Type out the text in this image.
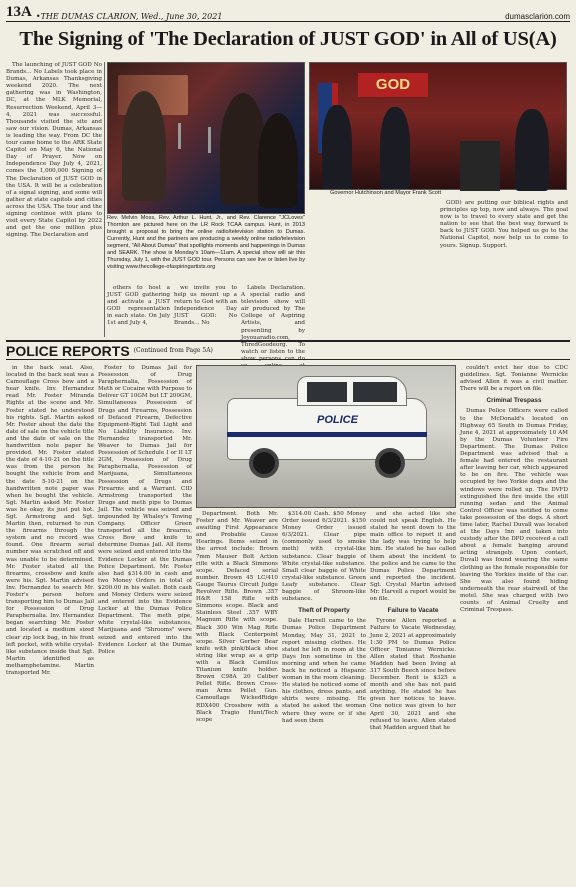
13A •THE DUMAS CLARION, Wed., June 30, 2021	dumasclarion.com
The Signing of 'The Declaration of JUST GOD' in All of US(A)

The launching of JUST GOD No Brands... No Labels took place in Dumas, Arkansas Thanksgiving weekend 2020. The next gathering was in Washington, DC, at the MLK Memorial, Resurrection Weekend, April 3—4, 2021 was successful. Thousands visited the site and saw our vision. Dumas, Arkansas is leading the way. From DC the tour came home to the ARK State Capitol on May 6, the National Day of Prayer. Now on Independence Day July 4, 2021, comes the 1,000,000 Signing of The Declaration of JUST GOD in the USA. It will be a celebration of a signal signing, and some will gather at state capitols and cities across the USA. The tour and the signing continue with plans to visit every State Capitol by 2022 and get the one million plus signing. The Declaration and

GOD
Governor Hutchinson and Mayor Frank Scott
Rev. Melvin Moss, Rev. Arthur L. Hunt, Jr., and Rev. Clarence "JCLoves" Thornton are pictured here on the LR Rock TCAA campus. Hunt, in 2013 brought a proposal to bring the online radio/television station to Dumas. Currently, Hunt and the partners are producing a weekly online radio/television segment, "All About Dumas" that spotlights moments and happenings in Dumas and SEARK. The show is Monday's 10am—11am. A special show will air this Thursday, July 1, with the JUST GOD tour. Persons can see live or listen live by visiting www.thecollege-ofaspiringartists.org

others to host a JUST GOD gathering and activate a JUST GOD representation in each state. On July 1st and July 4,

we invite you to help us mount up a return to God with an Independence Day JUST GOD: No Brands... No

Labels Declaration. A special radio and television show will air produced by The College of Aspiring Artists, and presenting by Joyouaradio.com, ThredGoodeorg. To watch or listen to the show persons can do

GOD) are putting our biblical rights and principles up top, now and always. The goal now is to travel to every state and get the nation to see that the best way forward is back to JUST GOD. You helped us go to the National Capitol, now help us to come to yours. Signup. Support.

POLICE REPORTS (Continued from Page 5A)

in the back seat. Also, located in the back seat was a Camouflage Cross bow and a hear knife. Inv. Hernandez read Mr. Foster Miranda Rights at the scene and Mr. Foster stated he understood his rights. Sgt. Martin asked Mr. Foster about the date the date of sale on the vehicle title and the date of sale on the handwritten note paper he provided. Mr. Foster stated the date of 4-10-21 on the title was from the person he bought the vehicle from and the date 5-10-21 on the handwritten note paper was when he bought the vehicle. Sgt. Martin asked Mr. Foster was he okay, its just put hot. Sgt. Armstrong and Sgt. Martin then, returned to run the firearms through the system and no record was found. One firearm serial number was scratched off and was unable to be determined. Mr. Foster stated all the firearms, crossbow and knife were his. Sgt. Martin advised Inv. Hernandez to search Mr. Foster's person before transporting him to Dumas Jail for Possession of Drug Paraphernalia. Inv. Hernandez began searching Mr. Foster and located a medium sized clear zip lock bag, in his front left pocket, with white crystal-like substance inside that Sgt. Martin identified as methamphetamine. Martin transported Mr.

Foster to Dumas Jail for Possession of Drug Paraphernalia, Possession of Meth or Cocaine with Purpose to Deliver GT 10GM but LT 200GM, Simultaneous Possession of Drugs and Firearms, Possession of Defaced Firearm, Defective Equipment-Right Tail Light and No Liability Insurance. Inv. Hernandez transported Mr. Weaver to Dumas Jail for Possession of Schedule I or II LT 2GM, Possession of Drug Paraphernalia, Possession of Marijuana, Simultaneous Possession of Drugs and Firearms and a Warrant. CID Armstrong transported the Drugs and meth pipe to Dumas Jail. The vehicle was seized and impounded by Whaley's Towing Company. Officer Green transported all the firearms, Cross Bow and knife to determine Dumas Jail. All items were seized and entered into the Evidence Locker at the Dumas Police Department. Mr. Foster also had $314.00 in cash and two Money Orders in total of $200.00 in his wallet. Both cash and Money Orders were seized and entered into the Evidence Locker at the Dumas Police Department. The meth pipe, white crystal-like substances, Marijuana and "Shrooms" were seized and entered into the Evidence Locker at the Dumas Police

POLICE

Department. Both Mr. Foster and Mr. Weaver are awaiting First Appearance and Probable Cause Hearings. Items seized in the arrest include: Brown 7mm Mauser Bolt Action rifle with a Black Simmons scope. Defaced serial number. Brown 45 LC/410 Gauge Taurus Circuit Judge Revolver Rifle. Brown .357 H&R 158 Rifle with Simmons scope. Black and Stainless Steel .357 WBY Magnum Rifle with scope. Black 300 Win Mag Rifle with Black Centerpoint scope. Silver Gerber Bear knife with pink/black shoe string like wrap as a grip with a Black Camillus Titanium knife holder. Brown C98A 20 Caliber Pellet Rifle. Brown Cross-man Arms Pellet Gun. Camouflage WickedRidge RDX400 Crossbow with a Black Tragio Hunt/Tech scope

$314.00 Cash. $50 Money Order issued 6/3/2021. $150 Money Order issued 6/3/2021. Clear pipe (commonly used to smoke meth) with crystal-like substance. Clear baggie of White crystal-like substance. Small clear baggie of White crystal-like substance. Green Leafy substance. Clear baggie of Shroom-like substance.

Theft of Property

Dale Harvell came to the Dumas Police Department Monday, May 31, 2021 to report missing clothes. He stated he left in room at the Days Inn sometime in the morning and when he came back he noticed a Hispanic woman in the room cleaning. He stated he noticed some of his clothes, dress pants, and shirts were missing. He stated he asked the woman where they were or if she had seen them

and she acted like she could not speak English. He stated he went down to the main office to report it and the lady was trying to help him. He stated he has called them about the incident to the police and he came to the Dumas Police Department and reported the incident. Sgt. Crystal Martin advised Mr. Harvell a report would be on file.

Failure to Vacate

Tyrone Allen reported a Failure to Vacate Wednesday, June 2, 2021 at approximately 1:30 PM to Dumas Police Officer Tonianne Wernicke. Allen stated that Roshanie Madden had been living at 317 South Beech since before December. Rent is $325 a month and she has not paid anything. He stated he has given her notices to leave. One notice was given to her April 30, 2021 and she refused to leave. Allen stated that Madden argued that he

couldn't evict her due to CDC guidelines. Sgt. Tonianne Wernicke advised Allen it was a civil matter. There will be a report on file.

Criminal Trespass

Dumas Police Officers were called to the McDonald's located on Highway 65 South in Dumas Friday, June 4, 2021 at approximately 10 AM by the Dumas Volunteer Fire Department. The Dumas Police Department was advised that a female had entered the restaurant after leaving her car, which appeared to be on fire. The vehicle was occupied by two Yorkie dogs and the windows were rolled up. The DVFD extinguished the fire inside the still running sedan and the Animal Control Officer was notified to come take possession of the dogs. A short time later, Rachel Duvall was located at the Days Inn and taken into custody after the DPD received a call about a female hanging around acting strangely. Upon contact, Duvall was found wearing the same clothing as the female responsible for leaving the Yorkies inside of the car. She was also found hiding underneath the rear stairwell of the motel. She was charged with two counts of Animal Cruelty and Criminal Trespass.
